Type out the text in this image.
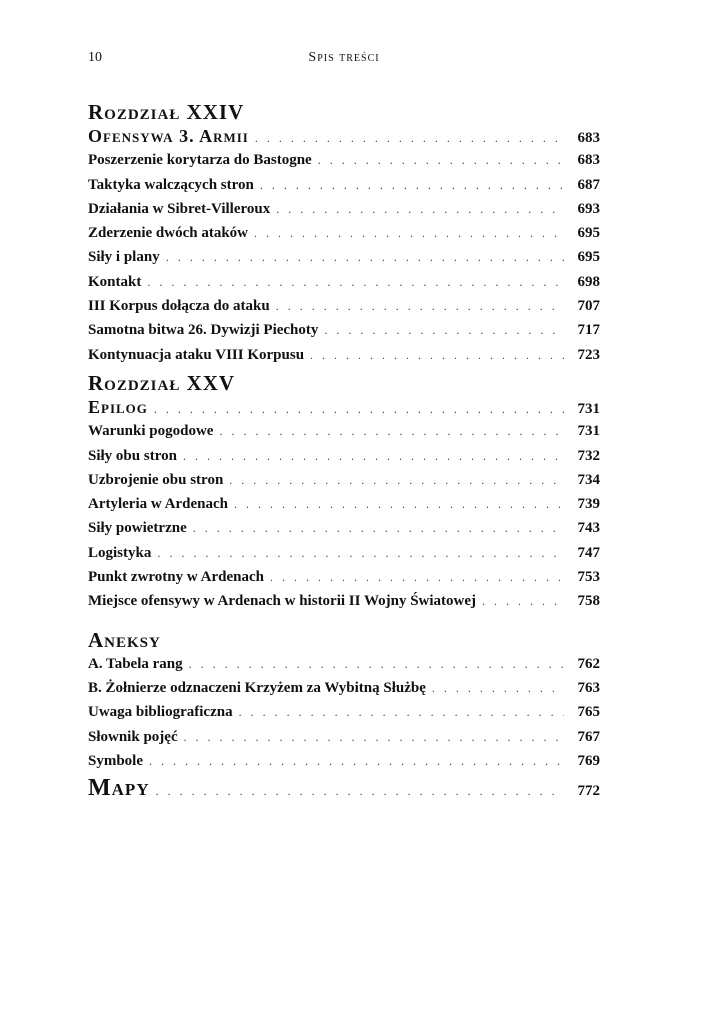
10	Spis treści
Rozdział XXIV
Ofensywa 3. Armii . . .	683
Poszerzenie korytarza do Bastogne . . .	683
Taktyka walczących stron . . .	687
Działania w Sibret-Villeroux . . .	693
Zderzenie dwóch ataków . . .	695
Siły i plany . . .	695
Kontakt . . .	698
III Korpus dołącza do ataku . . .	707
Samotna bitwa 26. Dywizji Piechoty . . .	717
Kontynuacja ataku VIII Korpusu . . .	723
Rozdział XXV
Epilog . . .	731
Warunki pogodowe . . .	731
Siły obu stron . . .	732
Uzbrojenie obu stron . . .	734
Artyleria w Ardenach . . .	739
Siły powietrzne . . .	743
Logistyka . . .	747
Punkt zwrotny w Ardenach . . .	753
Miejsce ofensywy w Ardenach w historii II Wojny Światowej . . .	758
Aneksy
A. Tabela rang . . .	762
B. Żołnierze odznaczeni Krzyżem za Wybitną Służbę . . .	763
Uwaga bibliograficzna . . .	765
Słownik pojęć . . .	767
Symbole . . .	769
Mapy . . .	772
